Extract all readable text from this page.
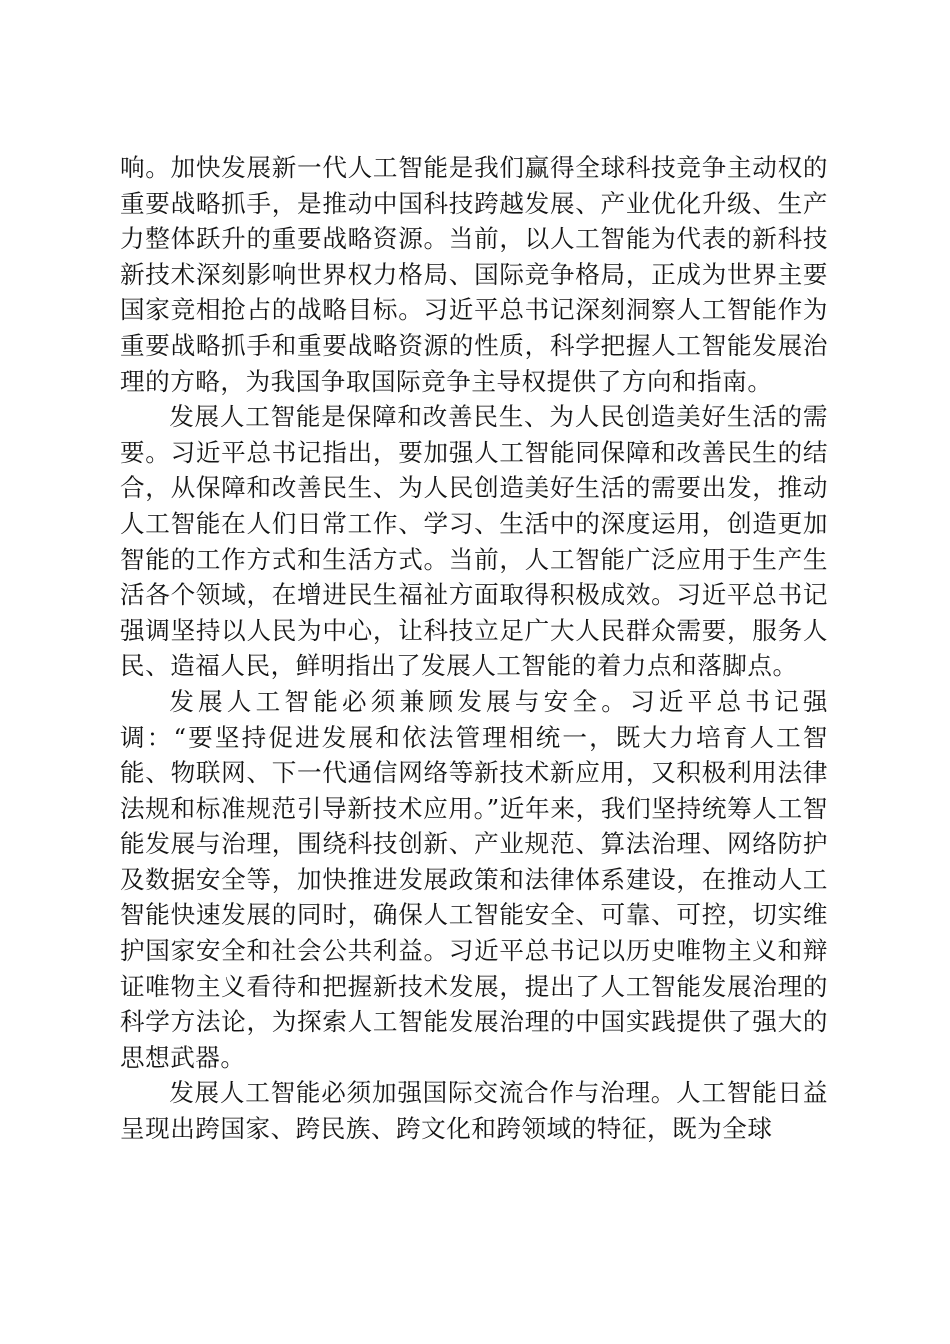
响。加快发展新一代人工智能是我们赢得全球科技竞争主动权的重要战略抓手，是推动中国科技跨越发展、产业优化升级、生产力整体跃升的重要战略资源。当前，以人工智能为代表的新科技新技术深刻影响世界权力格局、国际竞争格局，正成为世界主要国家竞相抢占的战略目标。习近平总书记深刻洞察人工智能作为重要战略抓手和重要战略资源的性质，科学把握人工智能发展治理的方略，为我国争取国际竞争主导权提供了方向和指南。

发展人工智能是保障和改善民生、为人民创造美好生活的需要。习近平总书记指出，要加强人工智能同保障和改善民生的结合，从保障和改善民生、为人民创造美好生活的需要出发，推动人工智能在人们日常工作、学习、生活中的深度运用，创造更加智能的工作方式和生活方式。当前，人工智能广泛应用于生产生活各个领域，在增进民生福祉方面取得积极成效。习近平总书记强调坚持以人民为中心，让科技立足广大人民群众需要，服务人民、造福人民，鲜明指出了发展人工智能的着力点和落脚点。

发展人工智能必须兼顾发展与安全。习近平总书记强调：“要坚持促进发展和依法管理相统一，既大力培育人工智能、物联网、下一代通信网络等新技术新应用，又积极利用法律法规和标准规范引导新技术应用。”近年来，我们坚持统筹人工智能发展与治理，围绕科技创新、产业规范、算法治理、网络防护及数据安全等，加快推进发展政策和法律体系建设，在推动人工智能快速发展的同时，确保人工智能安全、可靠、可控，切实维护国家安全和社会公共利益。习近平总书记以历史唯物主义和辩证唯物主义看待和把握新技术发展，提出了人工智能发展治理的科学方法论，为探索人工智能发展治理的中国实践提供了强大的思想武器。

发展人工智能必须加强国际交流合作与治理。人工智能日益呈现出跨国家、跨民族、跨文化和跨领域的特征，既为全球
